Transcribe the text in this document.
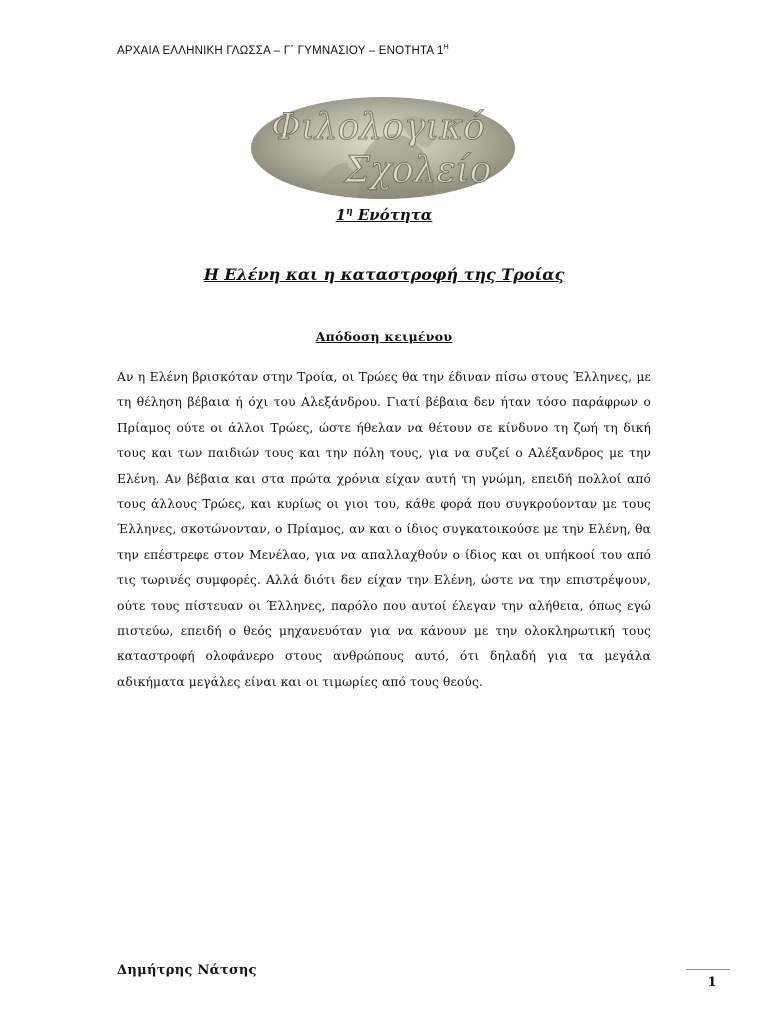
ΑΡΧΑΙΑ ΕΛΛΗΝΙΚΗ ΓΛΩΣΣΑ – Γ΄ ΓΥΜΝΑΣΙΟΥ – ΕΝΟΤΗΤΑ $1^H$
Φιλολογικό
Σχολείο
$1^\eta$ Ενότητα
Η Ελένη και η καταστροφή της Τροίας
Απόδοση κειμένου

Αν η Ελένη βρισκόταν στην Τροία, οι Τρώες θα την έδιναν πίσω στους Έλληνες, με τη θέληση βέβαια ή όχι του Αλεξάνδρου. Γιατί βέβαια δεν ήταν τόσο παράφρων ο Πρίαμος ούτε οι άλλοι Τρώες, ώστε ήθελαν να θέτουν σε κίνδυνο τη ζωή τη δική τους και των παιδιών τους και την πόλη τους, για να συζεί ο Αλέξανδρος με την Ελένη. Αν βέβαια και στα πρώτα χρόνια είχαν αυτή τη γνώμη, επειδή πολλοί από τους άλλους Τρώες, και κυρίως οι γιοι του, κάθε φορά που συγκρούονταν με τους Έλληνες, σκοτώνονταν, ο Πρίαμος, αν και ο ίδιος συγκατοικούσε με την Ελένη, θα την επέστρεφε στον Μενέλαο, για να απαλλαχθούν ο ίδιος και οι υπήκοοί του από τις τωρινές συμφορές. Αλλά διότι δεν είχαν την Ελένη, ώστε να την επιστρέψουν, ούτε τους πίστευαν οι Έλληνες, παρόλο που αυτοί έλεγαν την αλήθεια, όπως εγώ πιστεύω, επειδή ο θεός μηχανευόταν για να κάνουν με την ολοκληρωτική τους καταστροφή ολοφάνερο στους ανθρώπους αυτό, ότι δηλαδή για τα μεγάλα αδικήματα μεγάλες είναι και οι τιμωρίες από τους θεούς.

Δημήτρης Νάτσης
1
